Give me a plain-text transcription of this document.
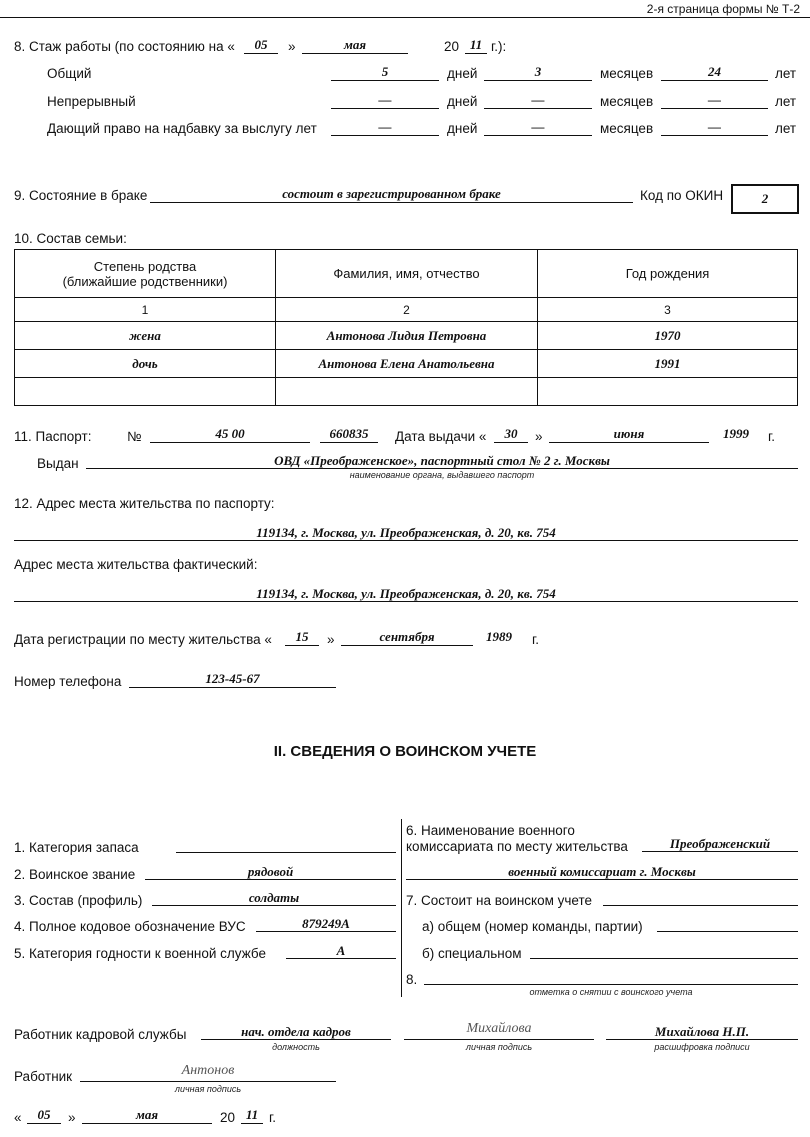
2-я страница формы № Т-2
8. Стаж работы (по состоянию на «	05	»	мая	20 11 г.):
Общий	5	дней	3	месяцев	24	лет
Непрерывный	—	дней	—	месяцев	—	лет
Дающий право на надбавку за выслугу лет	—	дней	—	месяцев	—	лет
9. Состояние в браке	состоит в зарегистрированном браке	Код по ОКИН	2
10. Состав семьи:
Степень родства
(ближайшие родственники)	Фамилия, имя, отчество	Год рождения
1	2	3
жена	Антонова Лидия Петровна	1970
дочь	Антонова Елена Анатольевна	1991

11. Паспорт:	№	45 00	660835	Дата выдачи «	30	»	июня	1999	г.
Выдан	ОВД «Преображенское», паспортный стол № 2 г. Москвы
наименование органа, выдавшего паспорт
12. Адрес места жительства по паспорту:
119134, г. Москва, ул. Преображенская, д. 20, кв. 754
Адрес места жительства фактический:
119134, г. Москва, ул. Преображенская, д. 20, кв. 754
Дата регистрации по месту жительства «	15	»	сентября	1989	г.
Номер телефона	123-45-67
II. СВЕДЕНИЯ О ВОИНСКОМ УЧЕТЕ
1. Категория запаса
2. Воинское звание	рядовой
3. Состав (профиль)	солдаты
4. Полное кодовое обозначение ВУС	879249А
5. Категория годности к военной службе	А
6. Наименование военного
комиссариата по месту жительства	Преображенский
военный комиссариат г. Москвы
7. Состоит на воинском учете
а) общем (номер команды, партии)
б) специальном
8.
отметка о снятии с воинского учета
Работник кадровой службы	нач. отдела кадров
должность
Михайлова
личная подпись
Михайлова Н.П.
расшифровка подписи
Работник	Антонов
личная подпись
«	05	»	мая	20 11 г.
